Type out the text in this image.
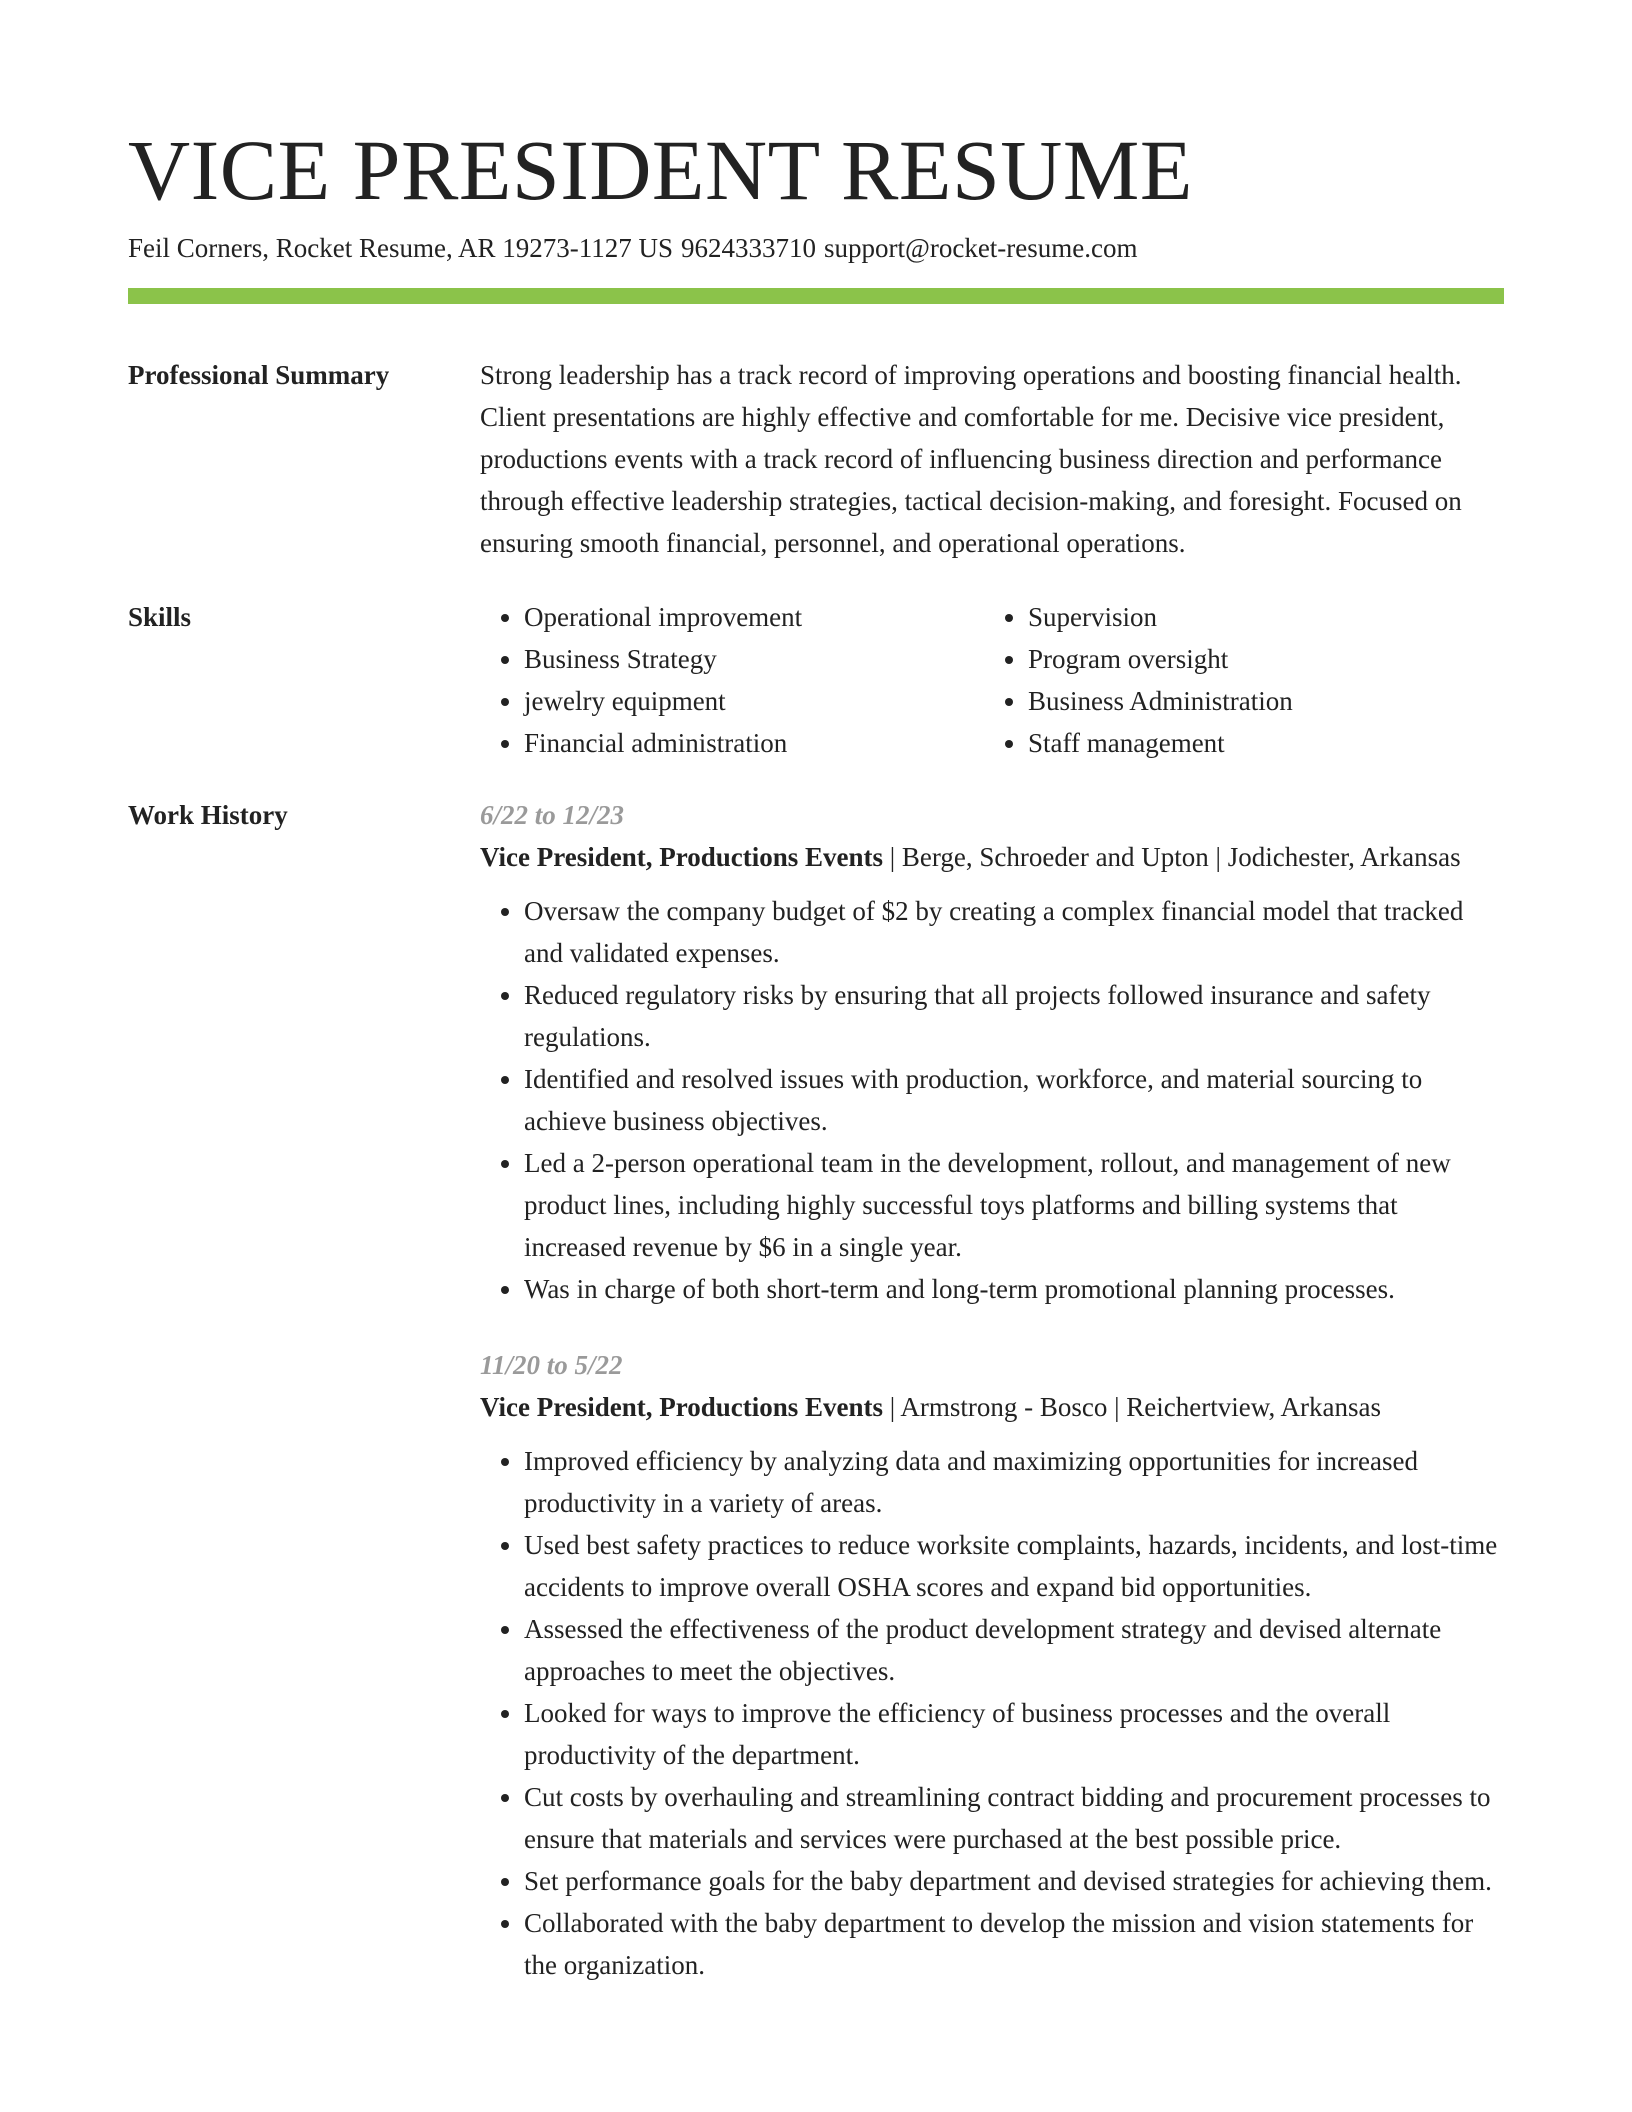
VICE PRESIDENT RESUME
Feil Corners, Rocket Resume, AR 19273-1127 US 9624333710 support@rocket-resume.com
Professional Summary	Strong leadership has a track record of improving operations and boosting financial health. Client presentations are highly effective and comfortable for me. Decisive vice president, productions events with a track record of influencing business direction and performance through effective leadership strategies, tactical decision-making, and foresight. Focused on ensuring smooth financial, personnel, and operational operations.

Skills
•	Operational improvement
• Business Strategy
• jewelry equipment
• Financial administration
• Supervision
• Program oversight
• Business Administration
• Staff management
Work History	6/22 to 12/23
Vice President, Productions Events | Berge, Schroeder and Upton | Jodichester, Arkansas
• Oversaw the company budget of $2 by creating a complex financial model that tracked and validated expenses.
• Reduced regulatory risks by ensuring that all projects followed insurance and safety regulations.
• Identified and resolved issues with production, workforce, and material sourcing to achieve business objectives.
• Led a 2-person operational team in the development, rollout, and management of new product lines, including highly successful toys platforms and billing systems that increased revenue by $6 in a single year.
• Was in charge of both short-term and long-term promotional planning processes.
11/20 to 5/22
Vice President, Productions Events | Armstrong - Bosco | Reichertview, Arkansas
• Improved efficiency by analyzing data and maximizing opportunities for increased productivity in a variety of areas.
• Used best safety practices to reduce worksite complaints, hazards, incidents, and lost-time accidents to improve overall OSHA scores and expand bid opportunities.
• Assessed the effectiveness of the product development strategy and devised alternate approaches to meet the objectives.
• Looked for ways to improve the efficiency of business processes and the overall productivity of the department.
• Cut costs by overhauling and streamlining contract bidding and procurement processes to ensure that materials and services were purchased at the best possible price.
• Set performance goals for the baby department and devised strategies for achieving them.
• Collaborated with the baby department to develop the mission and vision statements for the organization.
